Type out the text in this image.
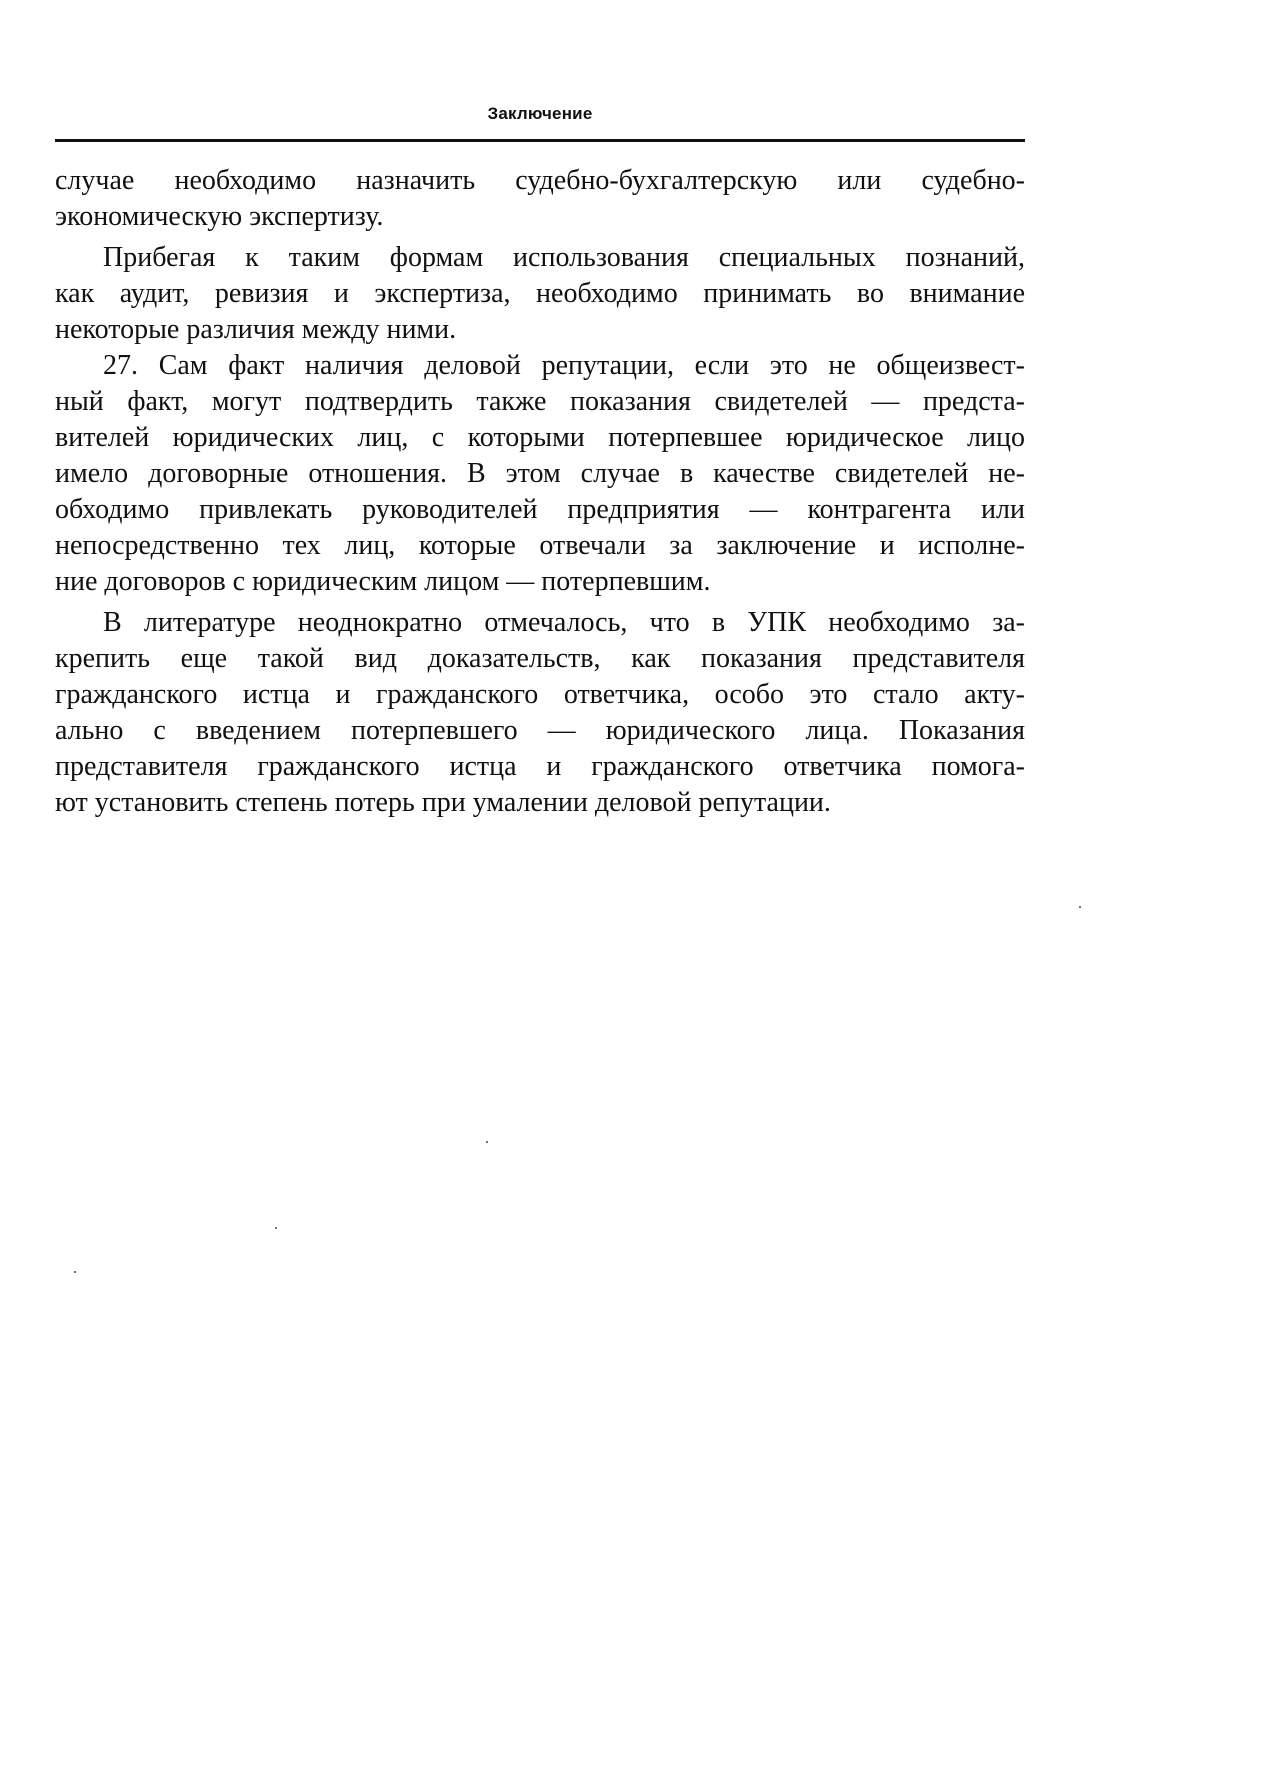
Заключение
случае необходимо назначить судебно-бухгалтерскую или судебно-
экономическую экспертизу.
Прибегая к таким формам использования специальных познаний,
как аудит, ревизия и экспертиза, необходимо принимать во внимание
некоторые различия между ними.
27. Сам факт наличия деловой репутации, если это не общеизвест-
ный факт, могут подтвердить также показания свидетелей — предста-
вителей юридических лиц, с которыми потерпевшее юридическое лицо
имело договорные отношения. В этом случае в качестве свидетелей не-
обходимо привлекать руководителей предприятия — контрагента или
непосредственно тех лиц, которые отвечали за заключение и исполне-
ние договоров с юридическим лицом — потерпевшим.
В литературе неоднократно отмечалось, что в УПК необходимо за-
крепить еще такой вид доказательств, как показания представителя
гражданского истца и гражданского ответчика, особо это стало акту-
ально с введением потерпевшего — юридического лица. Показания
представителя гражданского истца и гражданского ответчика помога-
ют установить степень потерь при умалении деловой репутации.
